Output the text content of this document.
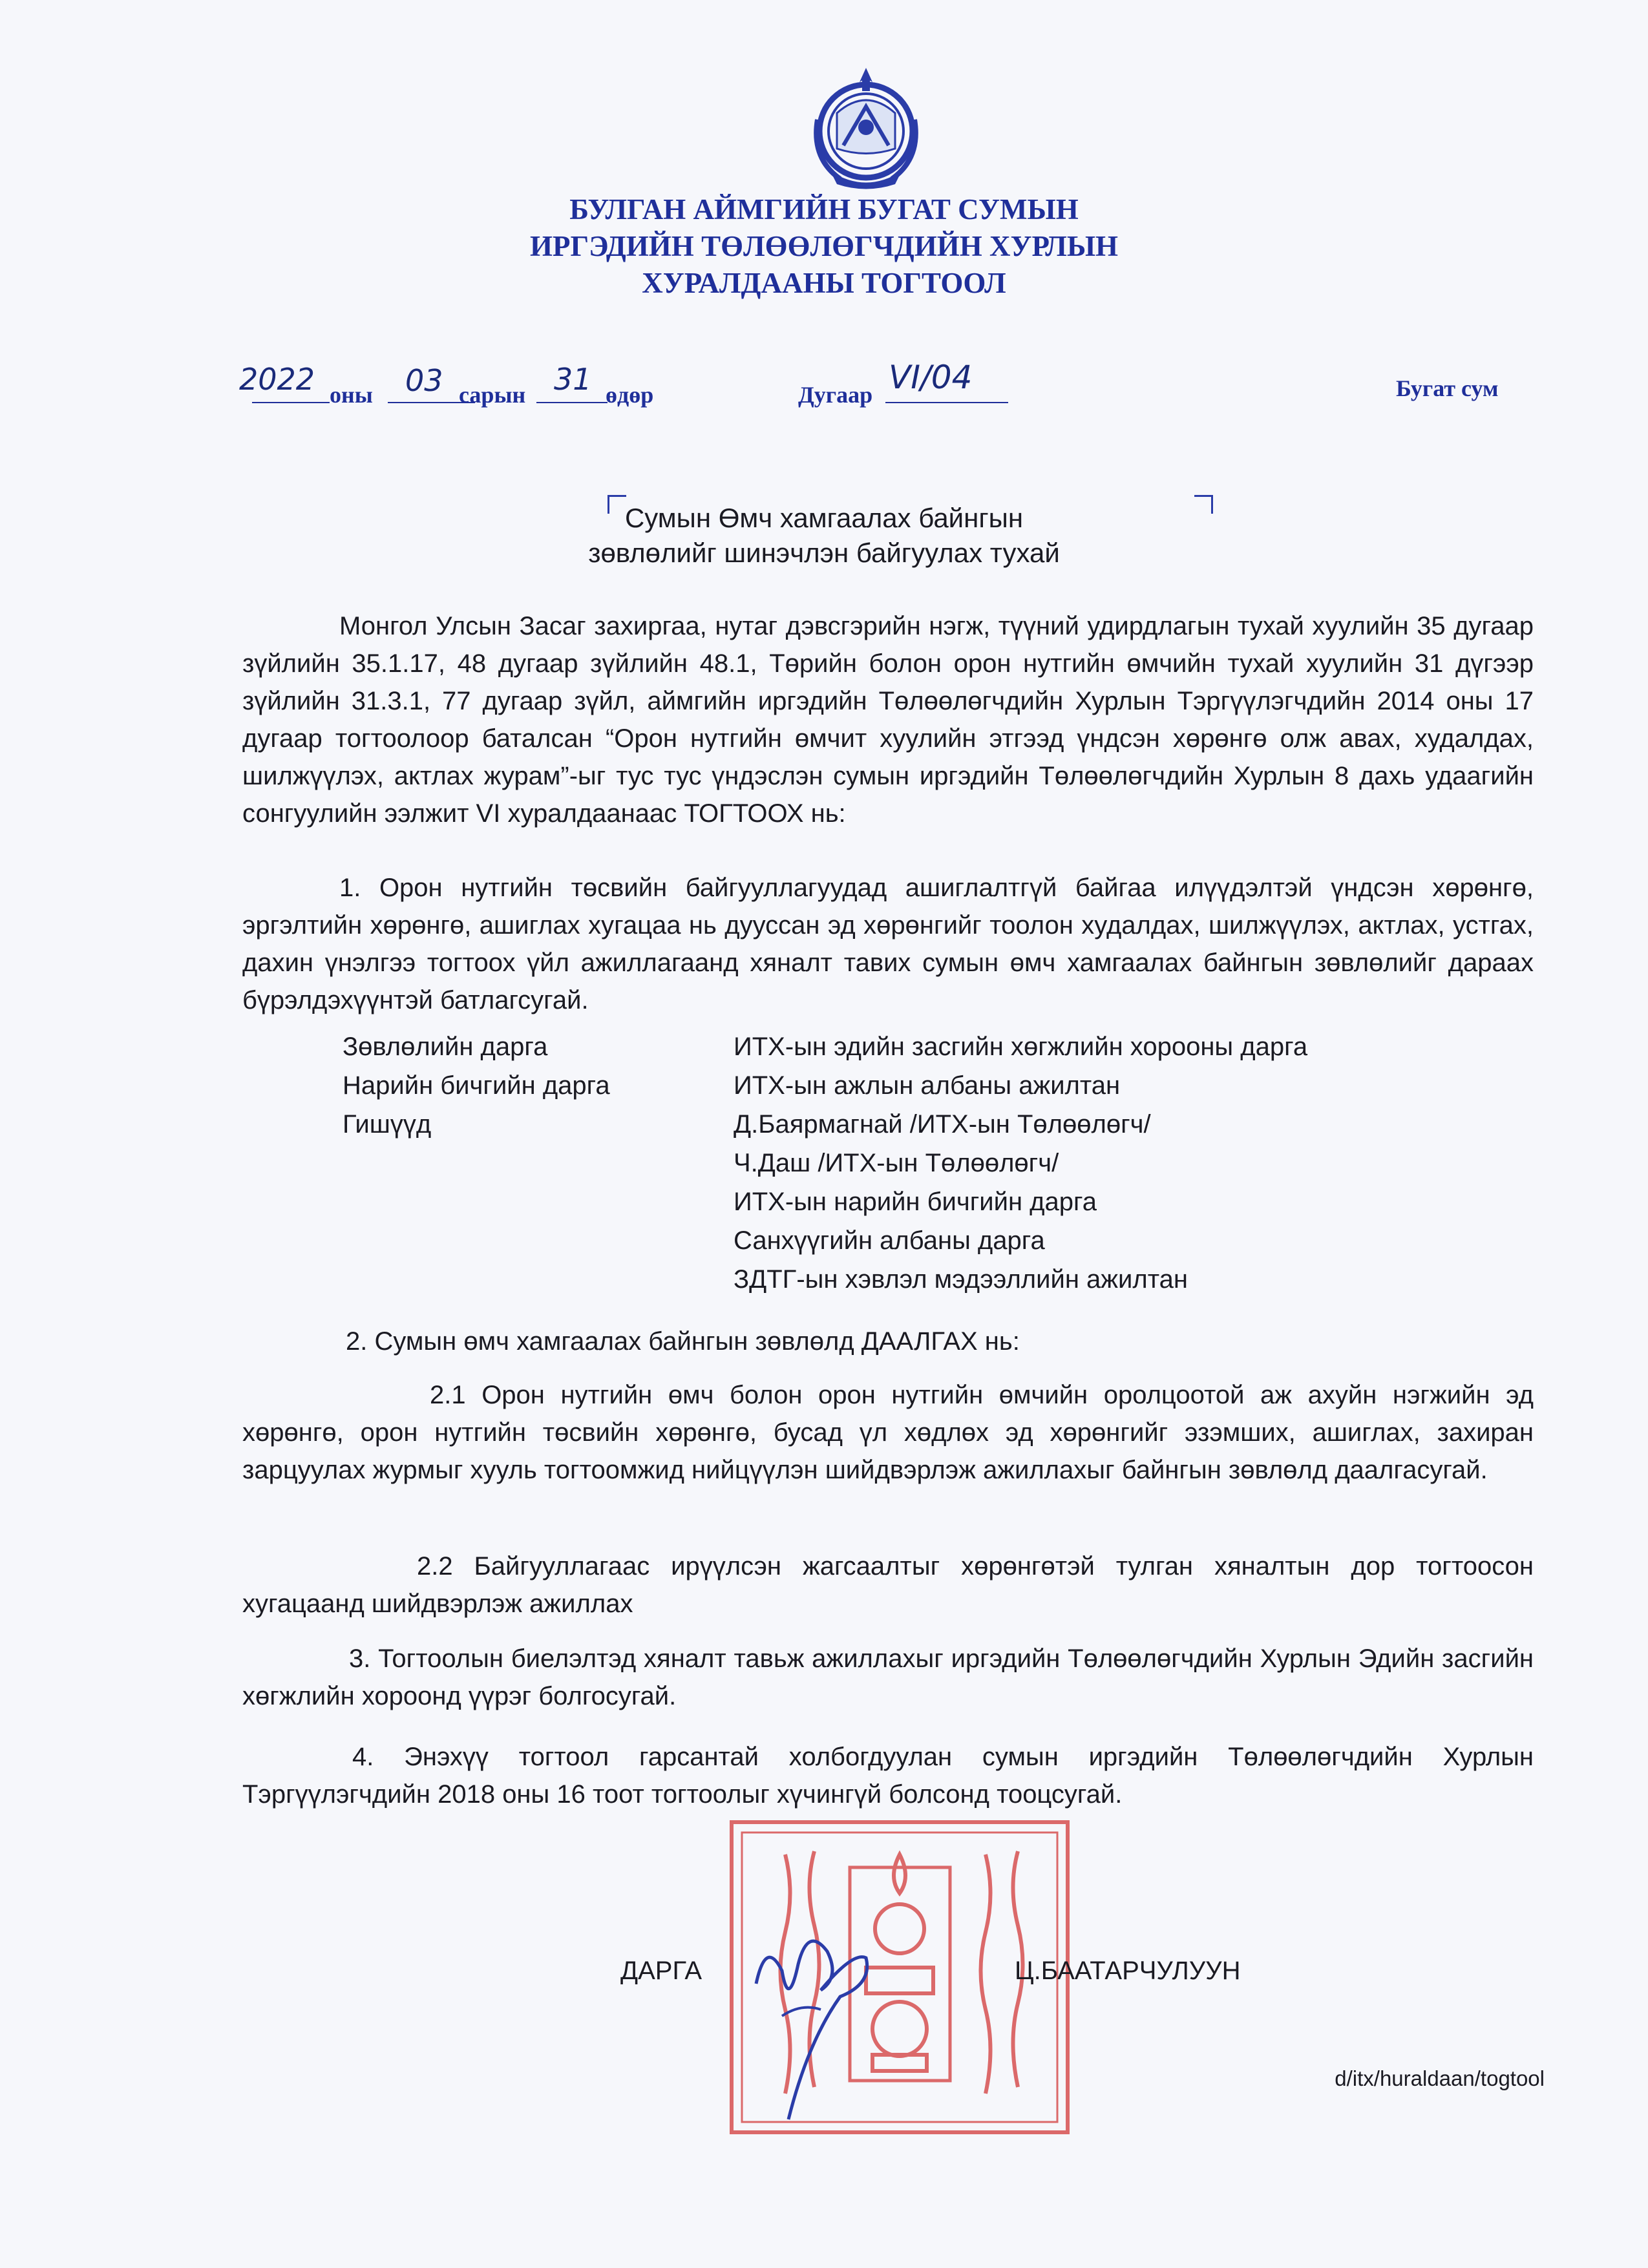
БУЛГАН АЙМГИЙН БУГАТ СУМЫН
ИРГЭДИЙН ТӨЛӨӨЛӨГЧДИЙН ХУРЛЫН
ХУРАЛДААНЫ ТОГТООЛ
2022 оны 03 сарын 31 өдөр	Дугаар VI/04	Бугат сум
Сумын Өмч хамгаалах байнгын
зөвлөлийг шинэчлэн байгуулах тухай
Монгол Улсын Засаг захиргаа, нутаг дэвсгэрийн нэгж, түүний удирдлагын тухай хуулийн 35 дугаар зүйлийн 35.1.17, 48 дугаар зүйлийн 48.1, Төрийн болон орон нутгийн өмчийн тухай хуулийн 31 дүгээр зүйлийн 31.3.1, 77 дугаар зүйл, аймгийн иргэдийн Төлөөлөгчдийн Хурлын Тэргүүлэгчдийн 2014 оны 17 дугаар тогтоолоор баталсан “Орон нутгийн өмчит хуулийн этгээд үндсэн хөрөнгө олж авах, худалдах, шилжүүлэх, актлах журам”-ыг тус тус үндэслэн сумын иргэдийн Төлөөлөгчдийн Хурлын 8 дахь удаагийн сонгуулийн ээлжит VI хуралдаанаас ТОГТООХ нь:
1. Орон нутгийн төсвийн байгууллагуудад ашиглалтгүй байгаа илүүдэлтэй үндсэн хөрөнгө, эргэлтийн хөрөнгө, ашиглах хугацаа нь дууссан эд хөрөнгийг тоолон худалдах, шилжүүлэх, актлах, устгах, дахин үнэлгээ тогтоох үйл ажиллагаанд хяналт тавих сумын өмч хамгаалах байнгын зөвлөлийг дараах бүрэлдэхүүнтэй батлагсугай.
Зөвлөлийн дарга	ИТХ-ын эдийн засгийн хөгжлийн хорооны дарга
Нарийн бичгийн дарга	ИТХ-ын ажлын албаны ажилтан
Гишүүд	Д.Баярмагнай /ИТХ-ын Төлөөлөгч/
Ч.Даш /ИТХ-ын Төлөөлөгч/
ИТХ-ын нарийн бичгийн дарга
Санхүүгийн албаны дарга
ЗДТГ-ын хэвлэл мэдээллийн ажилтан
2. Сумын өмч хамгаалах байнгын зөвлөлд ДААЛГАХ нь:
2.1 Орон нутгийн өмч болон орон нутгийн өмчийн оролцоотой аж ахуйн нэгжийн эд хөрөнгө, орон нутгийн төсвийн хөрөнгө, бусад үл хөдлөх эд хөрөнгийг эзэмших, ашиглах, захиран зарцуулах журмыг хууль тогтоомжид нийцүүлэн шийдвэрлэж ажиллахыг байнгын зөвлөлд даалгасугай.
2.2 Байгууллагаас ирүүлсэн жагсаалтыг хөрөнгөтэй тулган хяналтын дор тогтоосон хугацаанд шийдвэрлэж ажиллах
3. Тогтоолын биелэлтэд хяналт тавьж ажиллахыг иргэдийн Төлөөлөгчдийн Хурлын Эдийн засгийн хөгжлийн хороонд үүрэг болгосугай.
4. Энэхүү тогтоол гарсантай холбогдуулан сумын иргэдийн Төлөөлөгчдийн Хурлын Тэргүүлэгчдийн 2018 оны 16 тоот тогтоолыг хүчингүй болсонд тооцсугай.
ДАРГА	Ц.БААТАРЧУЛУУН
d/itx/huraldaan/togtool
